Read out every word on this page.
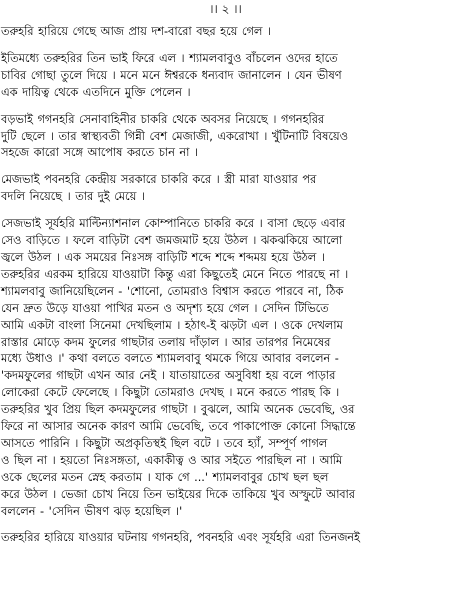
।। ২ ।।
তরুহরি হারিয়ে গেছে আজ প্রায় দশ-বারো বছর হয়ে গেল ।
ইতিমধ্যে তরুহরির তিন ভাই ফিরে এল । শ্যামলবাবুও বাঁচলেন ওদের হাতে
চাবির গোছা তুলে দিয়ে । মনে মনে ঈশ্বরকে ধন্যবাদ জানালেন । যেন ভীষণ
এক দায়িত্ব থেকে এতদিনে মুক্তি পেলেন ।
বড়ভাই গগনহরি সেনাবাহিনীর চাকরি থেকে অবসর নিয়েছে । গগনহরির
দুটি ছেলে । তার স্বাস্থ্যবতী গিন্নী বেশ মেজাজী, একরোখা । খুঁটিনাটি বিষয়েও
সহজে কারো সঙ্গে আপোষ করতে চান না ।
মেজভাই পবনহরি কেন্দ্রীয় সরকারে চাকরি করে । স্ত্রী মারা যাওয়ার পর
বদলি নিয়েছে । তার দুই মেয়ে ।
সেজভাই সূর্যহরি মাল্টিন্যাশনাল কোম্পানিতে চাকরি করে । বাসা ছেড়ে এবার
সেও বাড়িতে । ফলে বাড়িটা বেশ জমজমাট হয়ে উঠল । ঝকঝকিয়ে আলো
জ্বলে উঠল । এক সময়ের নিঃসঙ্গ বাড়িটি শব্দে শব্দে শব্দময় হয়ে উঠল ।
তরুহরির এরকম হারিয়ে যাওয়াটা কিন্তু এরা কিছুতেই মেনে নিতে পারছে না ।
শ্যামলবাবু জানিয়েছিলেন - 'শোনো, তোমরাও বিশ্বাস করতে পারবে না, ঠিক
যেন দ্রুত উড়ে যাওয়া পাখির মতন ও অদৃশ্য হয়ে গেল । সেদিন টিভিতে
আমি একটা বাংলা সিনেমা দেখছিলাম । হঠাৎ-ই ঝড়টা এল । ওকে দেখলাম
রাস্তার মোড়ে কদম ফুলের গাছটার তলায় দাঁড়াল । আর তারপর নিমেষের
মধ্যে উধাও ।' কথা বলতে বলতে শ্যামলবাবু থমকে গিয়ে আবার বললেন -
'কদমফুলের গাছটা এখন আর নেই । যাতায়াতের অসুবিধা হয় বলে পাড়ার
লোকেরা কেটে ফেলেছে । কিছুটা তোমরাও দেখছ । মনে করতে পারছ কি ।
তরুহরির খুব প্রিয় ছিল কদমফুলের গাছটা । বুঝলে, আমি অনেক ভেবেছি, ওর
ফিরে না আসার অনেক কারণ আমি ভেবেছি, তবে পাকাপোক্ত কোনো সিদ্ধান্তে
আসতে পারিনি । কিছুটা অপ্রকৃতিস্থই ছিল বটে । তবে হ্যাঁ, সম্পূর্ণ পাগল
ও ছিল না । হয়তো নিঃসঙ্গতা, একাকীত্ব ও আর সইতে পারছিল না । আমি
ওকে ছেলের মতন স্নেহ করতাম । যাক গে ...' শ্যামলবাবুর চোখ ছল ছল
করে উঠল । ভেজা চোখ নিয়ে তিন ভাইয়ের দিকে তাকিয়ে খুব অস্ফুটে আবার
বললেন - 'সেদিন ভীষণ ঝড় হয়েছিল ।'
তরুহরির হারিয়ে যাওয়ার ঘটনায় গগনহরি, পবনহরি এবং সূর্যহরি এরা তিনজনই
